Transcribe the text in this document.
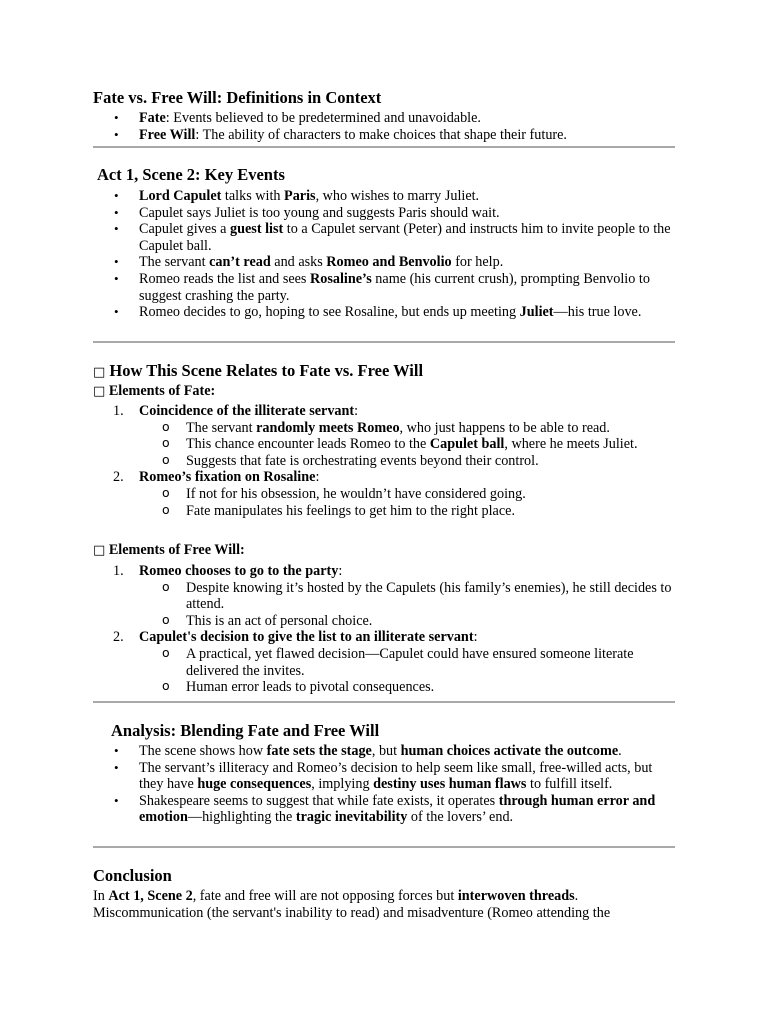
Fate vs. Free Will: Definitions in Context
• Fate: Events believed to be predetermined and unavoidable.
• Free Will: The ability of characters to make choices that shape their future.
Act 1, Scene 2: Key Events
• Lord Capulet talks with Paris, who wishes to marry Juliet.
• Capulet says Juliet is too young and suggests Paris should wait.
• Capulet gives a guest list to a Capulet servant (Peter) and instructs him to invite people to the Capulet ball.
• The servant can’t read and asks Romeo and Benvolio for help.
• Romeo reads the list and sees Rosaline’s name (his current crush), prompting Benvolio to suggest crashing the party.
• Romeo decides to go, hoping to see Rosaline, but ends up meeting Juliet—his true love.
□ How This Scene Relates to Fate vs. Free Will
□ Elements of Fate:
1. Coincidence of the illiterate servant:
o The servant randomly meets Romeo, who just happens to be able to read.
o This chance encounter leads Romeo to the Capulet ball, where he meets Juliet.
o Suggests that fate is orchestrating events beyond their control.
2. Romeo’s fixation on Rosaline:
o If not for his obsession, he wouldn’t have considered going.
o Fate manipulates his feelings to get him to the right place.
□ Elements of Free Will:
1. Romeo chooses to go to the party:
o Despite knowing it’s hosted by the Capulets (his family’s enemies), he still decides to attend.
o This is an act of personal choice.
2. Capulet's decision to give the list to an illiterate servant:
o A practical, yet flawed decision—Capulet could have ensured someone literate delivered the invites.
o Human error leads to pivotal consequences.
Analysis: Blending Fate and Free Will
• The scene shows how fate sets the stage, but human choices activate the outcome.
• The servant’s illiteracy and Romeo’s decision to help seem like small, free-willed acts, but they have huge consequences, implying destiny uses human flaws to fulfill itself.
• Shakespeare seems to suggest that while fate exists, it operates through human error and emotion—highlighting the tragic inevitability of the lovers’ end.
Conclusion

In Act 1, Scene 2, fate and free will are not opposing forces but interwoven threads.

Miscommunication (the servant's inability to read) and misadventure (Romeo attending the
